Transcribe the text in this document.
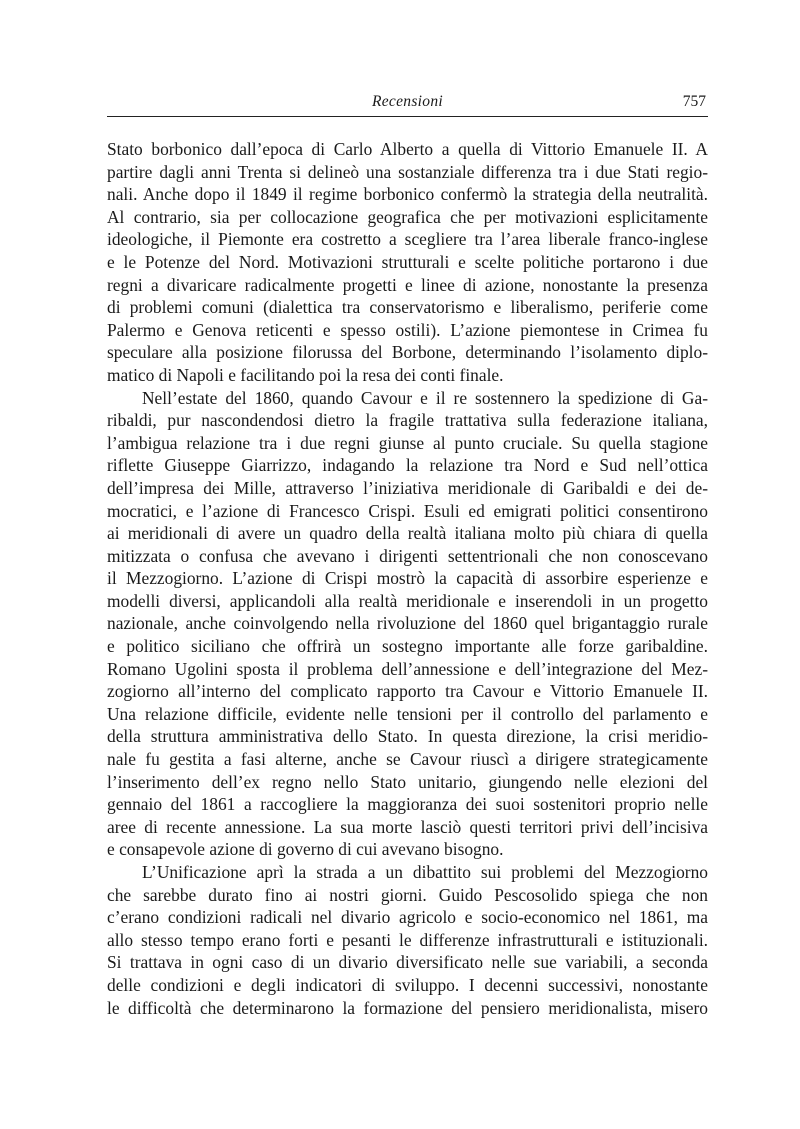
Recensioni	757

Stato borbonico dall’epoca di Carlo Alberto a quella di Vittorio Emanuele II. A

partire dagli anni Trenta si delineò una sostanziale differenza tra i due Stati regio-

nali. Anche dopo il 1849 il regime borbonico confermò la strategia della neutralità.

Al contrario, sia per collocazione geografica che per motivazioni esplicitamente

ideologiche, il Piemonte era costretto a scegliere tra l’area liberale franco-inglese

e le Potenze del Nord. Motivazioni strutturali e scelte politiche portarono i due

regni a divaricare radicalmente progetti e linee di azione, nonostante la presenza

di problemi comuni (dialettica tra conservatorismo e liberalismo, periferie come

Palermo e Genova reticenti e spesso ostili). L’azione piemontese in Crimea fu

speculare alla posizione filorussa del Borbone, determinando l’isolamento diplo-

matico di Napoli e facilitando poi la resa dei conti finale.

Nell’estate del 1860, quando Cavour e il re sostennero la spedizione di Ga-

ribaldi, pur nascondendosi dietro la fragile trattativa sulla federazione italiana,

l’ambigua relazione tra i due regni giunse al punto cruciale. Su quella stagione

riflette Giuseppe Giarrizzo, indagando la relazione tra Nord e Sud nell’ottica

dell’impresa dei Mille, attraverso l’iniziativa meridionale di Garibaldi e dei de-

mocratici, e l’azione di Francesco Crispi. Esuli ed emigrati politici consentirono

ai meridionali di avere un quadro della realtà italiana molto più chiara di quella

mitizzata o confusa che avevano i dirigenti settentrionali che non conoscevano

il Mezzogiorno. L’azione di Crispi mostrò la capacità di assorbire esperienze e

modelli diversi, applicandoli alla realtà meridionale e inserendoli in un progetto

nazionale, anche coinvolgendo nella rivoluzione del 1860 quel brigantaggio rurale

e politico siciliano che offrirà un sostegno importante alle forze garibaldine.

Romano Ugolini sposta il problema dell’annessione e dell’integrazione del Mez-

zogiorno all’interno del complicato rapporto tra Cavour e Vittorio Emanuele II.

Una relazione difficile, evidente nelle tensioni per il controllo del parlamento e

della struttura amministrativa dello Stato. In questa direzione, la crisi meridio-

nale fu gestita a fasi alterne, anche se Cavour riuscì a dirigere strategicamente

l’inserimento dell’ex regno nello Stato unitario, giungendo nelle elezioni del

gennaio del 1861 a raccogliere la maggioranza dei suoi sostenitori proprio nelle

aree di recente annessione. La sua morte lasciò questi territori privi dell’incisiva

e consapevole azione di governo di cui avevano bisogno.

L’Unificazione aprì la strada a un dibattito sui problemi del Mezzogiorno

che sarebbe durato fino ai nostri giorni. Guido Pescosolido spiega che non

c’erano condizioni radicali nel divario agricolo e socio-economico nel 1861, ma

allo stesso tempo erano forti e pesanti le differenze infrastrutturali e istituzionali.

Si trattava in ogni caso di un divario diversificato nelle sue variabili, a seconda

delle condizioni e degli indicatori di sviluppo. I decenni successivi, nonostante

le difficoltà che determinarono la formazione del pensiero meridionalista, misero
